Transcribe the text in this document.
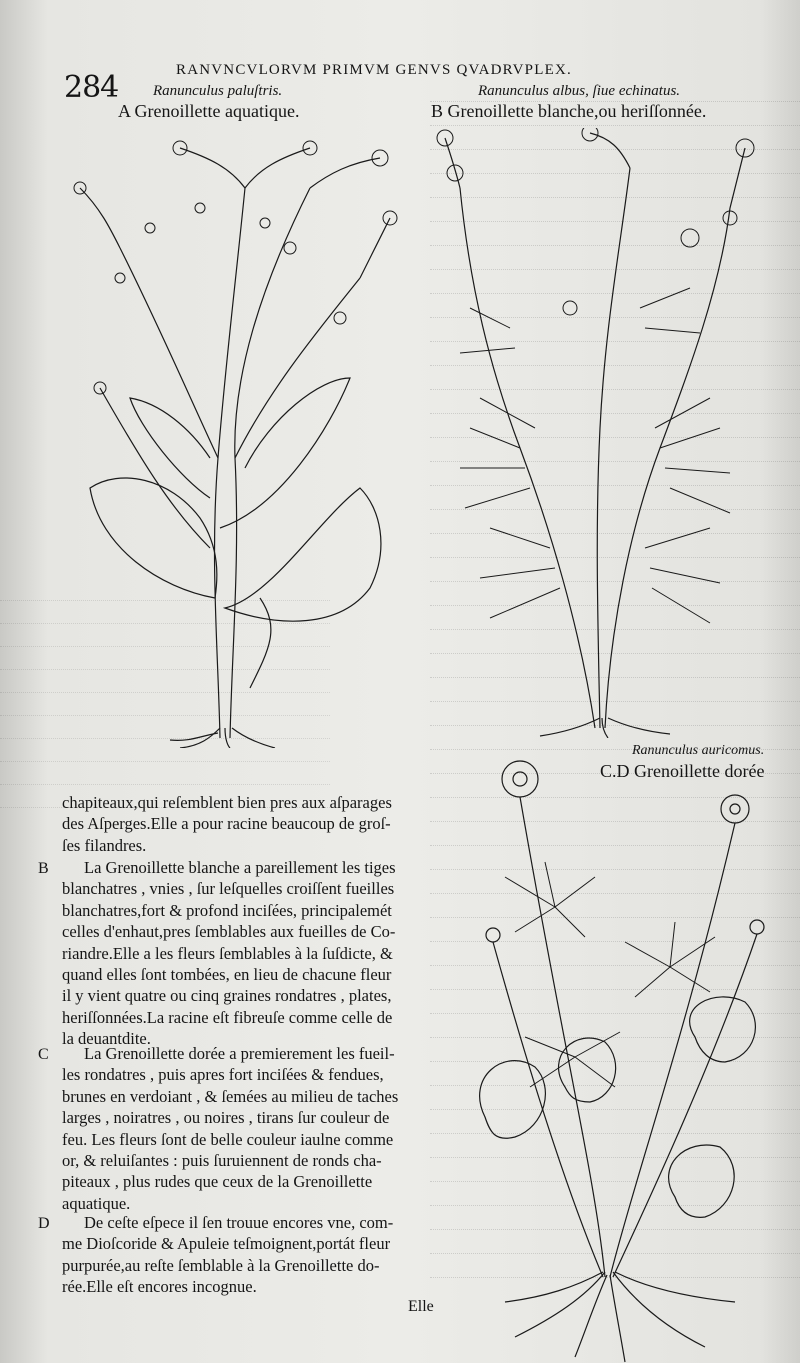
284	RANVNCVLORVM PRIMVM GENVS QVADRVPLEX.
Ranunculus paluſtris.
A Grenoillette aquatique.
Ranunculus albus, ſiue echinatus.
B Grenoillette blanche,ou heriſſonnée.
Ranunculus auricomus.
C.D Grenoillette dorée
chapiteaux,qui reſemblent bien pres aux aſparages
des Aſperges.Elle a pour racine beaucoup de groſ-
ſes filandres.
B La Grenoillette blanche a pareillement les tiges
blanchatres , vnies , ſur leſquelles croiſſent fueilles
blanchatres,fort & profond inciſées, principalemét
celles d'enhaut,pres ſemblables aux fueilles de Co-
riandre.Elle a les fleurs ſemblables à la ſuſdicte, &
quand elles ſont tombées, en lieu de chacune fleur
il y vient quatre ou cinq graines rondatres , plates,
heriſſonnées.La racine eſt fibreuſe comme celle de
la deuantdite.
C La Grenoillette dorée a premierement les fueil-
les rondatres , puis apres fort inciſées & fendues,
brunes en verdoiant , & ſemées au milieu de taches
larges , noiratres , ou noires , tirans ſur couleur de
feu. Les fleurs ſont de belle couleur iaulne comme
or, & reluiſantes : puis ſuruiennent de ronds cha-
piteaux , plus rudes que ceux de la Grenoillette
aquatique.
D De ceſte eſpece il ſen trouue encores vne, com-
me Dioſcoride & Apuleie teſmoignent,portát fleur
purpurée,au reſte ſemblable à la Grenoillette do-
rée.Elle eſt encores incognue.
Elle
